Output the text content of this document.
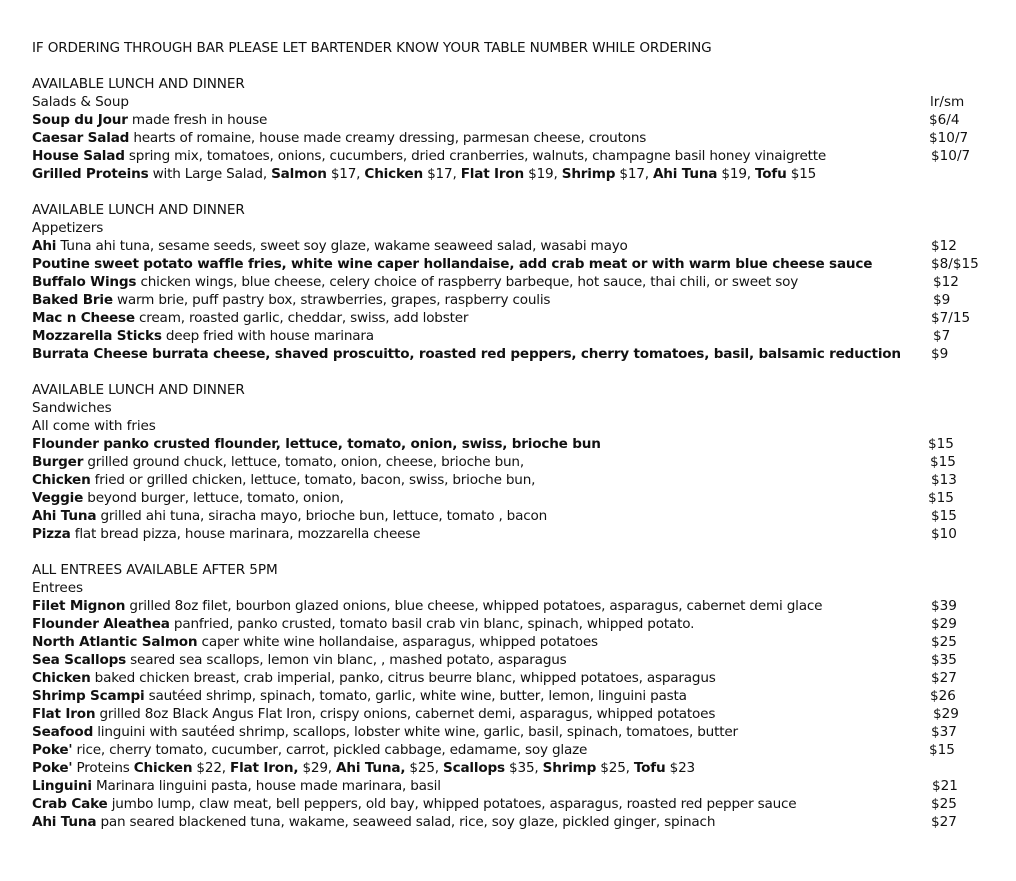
IF ORDERING THROUGH BAR PLEASE LET BARTENDER KNOW YOUR TABLE NUMBER WHILE ORDERING
AVAILABLE LUNCH AND DINNER
Salads & Soup	lr/sm
Soup du Jour made fresh in house	$6/4
Caesar Salad hearts of romaine, house made creamy dressing, parmesan cheese, croutons	$10/7
House Salad spring mix, tomatoes, onions, cucumbers, dried cranberries, walnuts, champagne basil honey vinaigrette	$10/7
Grilled Proteins with Large Salad, Salmon $17, Chicken $17, Flat Iron $19, Shrimp $17, Ahi Tuna $19, Tofu $15
AVAILABLE LUNCH AND DINNER
Appetizers
Ahi Tuna ahi tuna, sesame seeds, sweet soy glaze, wakame seaweed salad, wasabi mayo	$12
Poutine sweet potato waffle fries, white wine caper hollandaise, add crab meat or with warm blue cheese sauce	$8/$15
Buffalo Wings chicken wings, blue cheese, celery choice of raspberry barbeque, hot sauce, thai chili, or sweet soy	$12
Baked Brie warm brie, puff pastry box, strawberries, grapes, raspberry coulis	$9
Mac n Cheese cream, roasted garlic, cheddar, swiss, add lobster	$7/15
Mozzarella Sticks deep fried with house marinara	$7
Burrata Cheese burrata cheese, shaved proscuitto, roasted red peppers, cherry tomatoes, basil, balsamic reduction $9
AVAILABLE LUNCH AND DINNER
Sandwiches
All come with fries
Flounder panko crusted flounder, lettuce, tomato, onion, swiss, brioche bun	$15
Burger grilled ground chuck, lettuce, tomato, onion, cheese, brioche bun,	$15
Chicken fried or grilled chicken, lettuce, tomato, bacon, swiss, brioche bun,	$13
Veggie beyond burger, lettuce, tomato, onion,	$15
Ahi Tuna grilled ahi tuna, siracha mayo, brioche bun, lettuce, tomato , bacon	$15
Pizza flat bread pizza, house marinara, mozzarella cheese	$10
ALL ENTREES AVAILABLE AFTER 5PM
Entrees
Filet Mignon grilled 8oz filet, bourbon glazed onions, blue cheese, whipped potatoes, asparagus, cabernet demi glace	$39
Flounder Aleathea panfried, panko crusted, tomato basil crab vin blanc, spinach, whipped potato.	$29
North Atlantic Salmon caper white wine hollandaise, asparagus, whipped potatoes	$25
Sea Scallops seared sea scallops, lemon vin blanc, , mashed potato, asparagus	$35
Chicken baked chicken breast, crab imperial, panko, citrus beurre blanc, whipped potatoes, asparagus	$27
Shrimp Scampi sautéed shrimp, spinach, tomato, garlic, white wine, butter, lemon, linguini pasta	$26
Flat Iron grilled 8oz Black Angus Flat Iron, crispy onions, cabernet demi, asparagus, whipped potatoes	$29
Seafood linguini with sautéed shrimp, scallops, lobster white wine, garlic, basil, spinach, tomatoes, butter	$37
Poke' rice, cherry tomato, cucumber, carrot, pickled cabbage, edamame, soy glaze	$15
Poke' Proteins Chicken $22, Flat Iron, $29, Ahi Tuna, $25, Scallops $35, Shrimp $25, Tofu $23
Linguini Marinara linguini pasta, house made marinara, basil	$21
Crab Cake jumbo lump, claw meat, bell peppers, old bay, whipped potatoes, asparagus, roasted red pepper sauce	$25
Ahi Tuna pan seared blackened tuna, wakame, seaweed salad, rice, soy glaze, pickled ginger, spinach	$27
